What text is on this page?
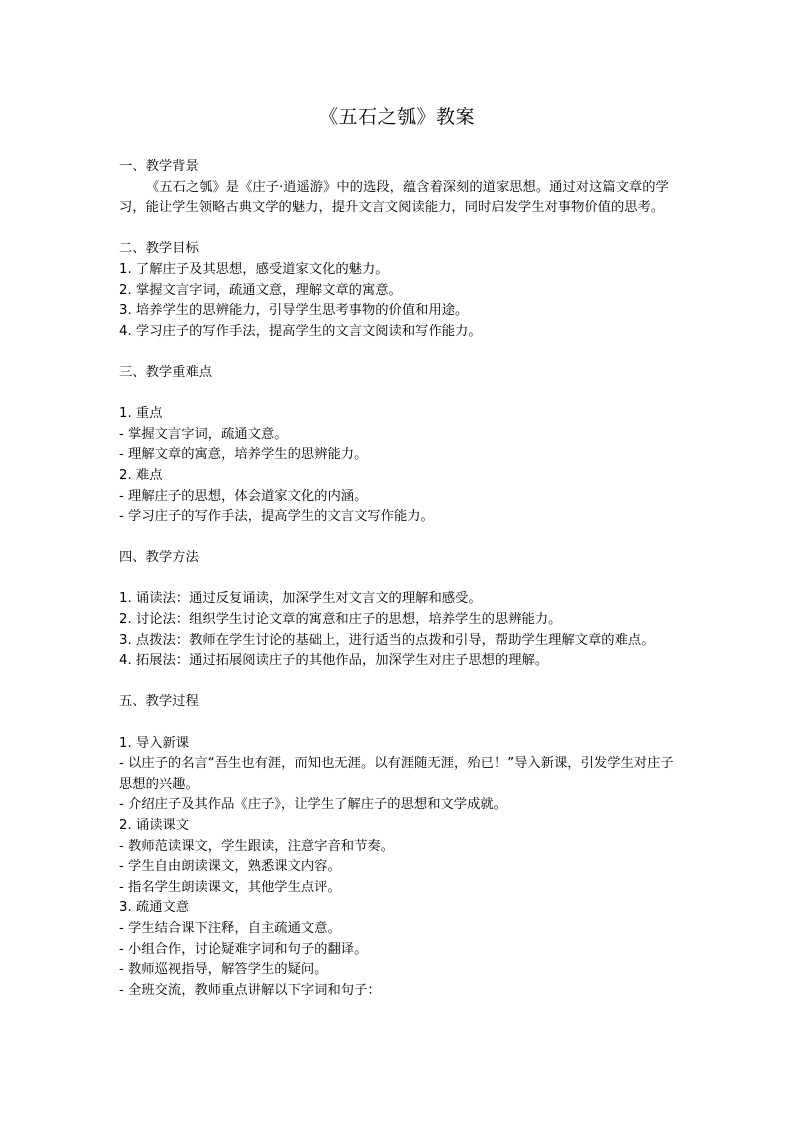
《五石之瓠》教案
一、教学背景
《五石之瓠》是《庄子·逍遥游》中的选段，蕴含着深刻的道家思想。通过对这篇文章的学习，能让学生领略古典文学的魅力，提升文言文阅读能力，同时启发学生对事物价值的思考。
二、教学目标
1. 了解庄子及其思想，感受道家文化的魅力。
2. 掌握文言字词，疏通文意，理解文章的寓意。
3. 培养学生的思辨能力，引导学生思考事物的价值和用途。
4. 学习庄子的写作手法，提高学生的文言文阅读和写作能力。
三、教学重难点
1. 重点
- 掌握文言字词，疏通文意。
- 理解文章的寓意，培养学生的思辨能力。
2. 难点
- 理解庄子的思想，体会道家文化的内涵。
- 学习庄子的写作手法，提高学生的文言文写作能力。
四、教学方法
1. 诵读法：通过反复诵读，加深学生对文言文的理解和感受。
2. 讨论法：组织学生讨论文章的寓意和庄子的思想，培养学生的思辨能力。
3. 点拨法：教师在学生讨论的基础上，进行适当的点拨和引导，帮助学生理解文章的难点。
4. 拓展法：通过拓展阅读庄子的其他作品，加深学生对庄子思想的理解。
五、教学过程
1. 导入新课
- 以庄子的名言“吾生也有涯，而知也无涯。以有涯随无涯，殆已！”导入新课，引发学生对庄子思想的兴趣。
- 介绍庄子及其作品《庄子》，让学生了解庄子的思想和文学成就。
2. 诵读课文
- 教师范读课文，学生跟读，注意字音和节奏。
- 学生自由朗读课文，熟悉课文内容。
- 指名学生朗读课文，其他学生点评。
3. 疏通文意
- 学生结合课下注释，自主疏通文意。
- 小组合作，讨论疑难字词和句子的翻译。
- 教师巡视指导，解答学生的疑问。
- 全班交流，教师重点讲解以下字词和句子：
